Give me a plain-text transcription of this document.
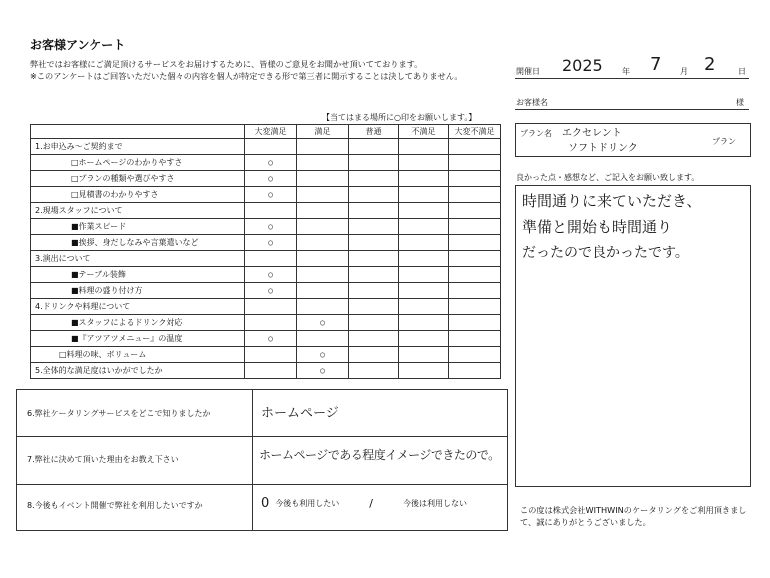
お客様アンケート
弊社ではお客様にご満足頂けるサービスをお届けするために、皆様のご意見をお聞かせ頂いてております。
※このアンケートはご回答いただいた個々の内容を個人が特定できる形で第三者に開示することは決してありません。
【当てはまる場所に○印をお願いします。】
	大変満足	満足	普通	不満足	大変不満足
1.お申込み～ご契約まで					
□ホームページのわかりやすさ	○				
□プランの種類や選びやすさ	○				
□見積書のわかりやすさ	○				
2.現場スタッフについて					
■作業スピード	○				
■挨拶、身だしなみや言葉遣いなど	○				
3.演出について					
■テーブル装飾	○				
■料理の盛り付け方	○				
4.ドリンクや料理について					
■スタッフによるドリンク対応		○			
■『アツアツメニュー』の温度	○				
□料理の味、ボリューム		○			
5.全体的な満足度はいかがでしたか		○			
6.弊社ケータリングサービスをどこで知りましたか	ホームページ
7.弊社に決めて頂いた理由をお教え下さい	ホームページである程度イメージできたので。
8.今後もイベント開催で弊社を利用したいですか	0 今後も利用したい	/	今後は利用しない
開催日 2025 年 7 月 2	日
お客様名	様
プラン名 エクセレント
ソフトドリンク
プラン
良かった点・感想など、ご記入をお願い致します。
時間通りに来ていただき、
準備と開始も時間通り
だったので良かったです。
この度は株式会社WITHWINのケータリングをご利用頂きまして、誠にありがとうございました。
